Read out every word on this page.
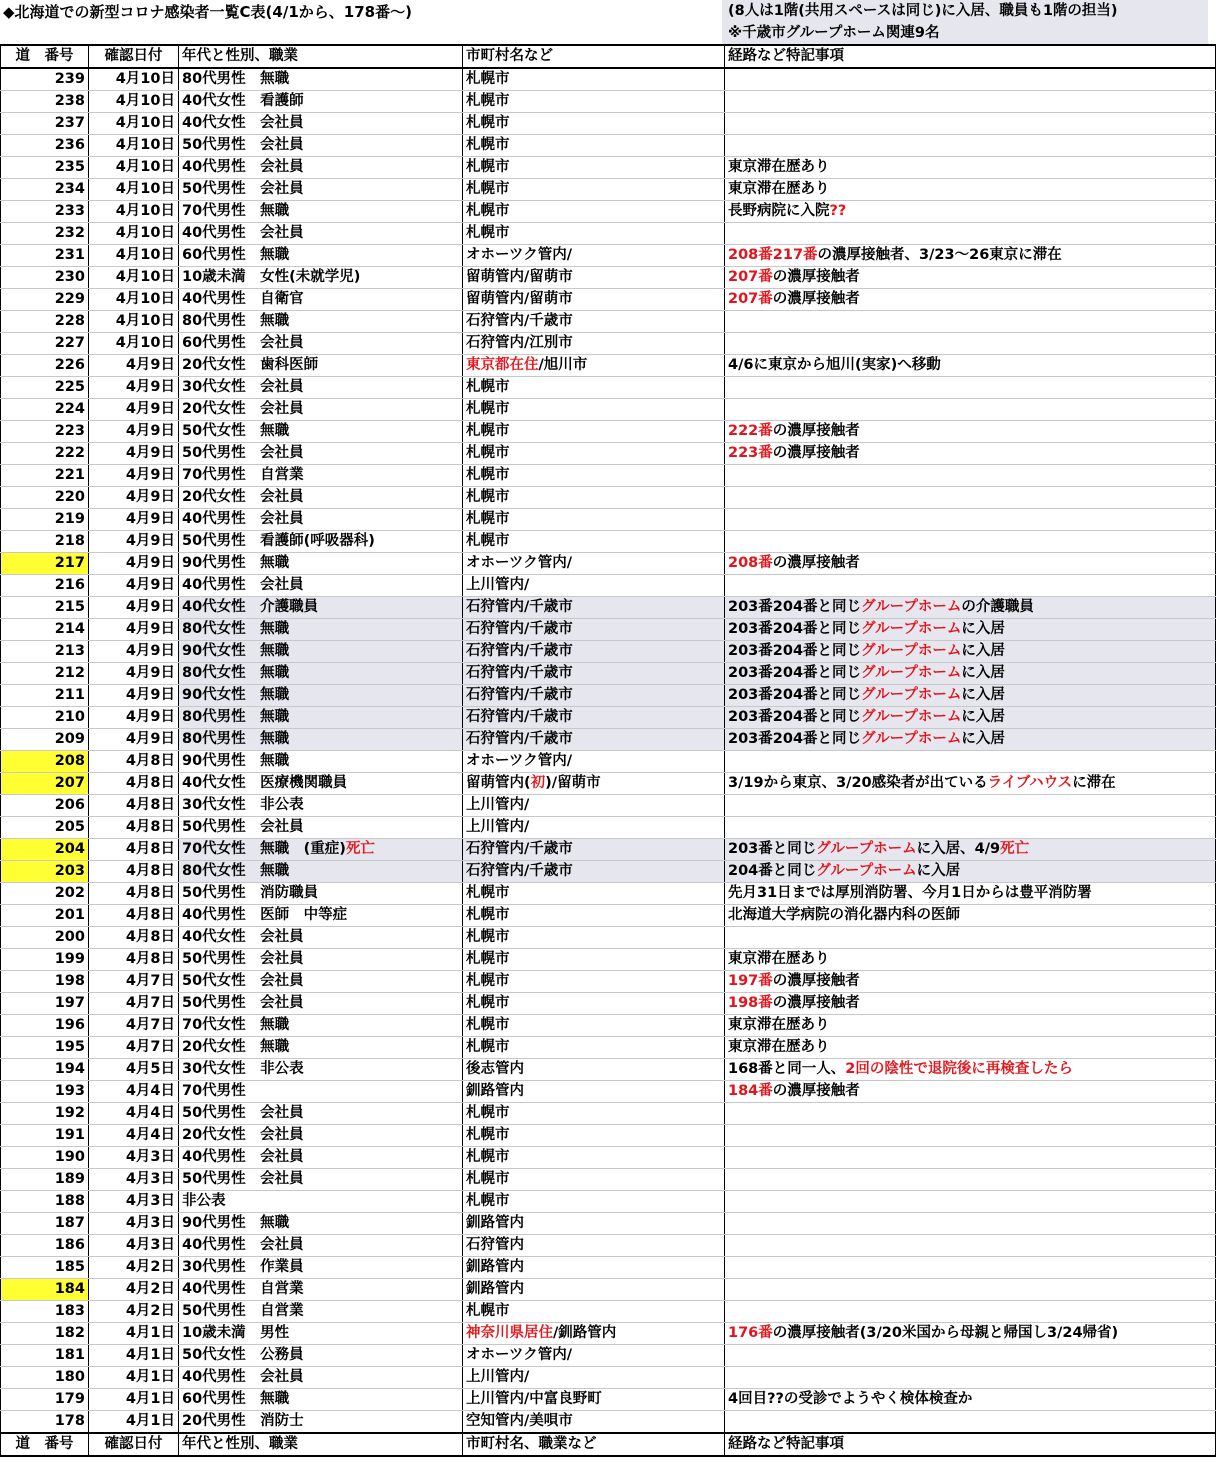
◆北海道での新型コロナ感染者一覧C表(4/1から、178番～)	(8人は1階(共用スペースは同じ)に入居、職員も1階の担当)
※千歳市グループホーム関連9名
道　番号	確認日付	年代と性別、職業	市町村名など	経路など特記事項
239	4月10日	80代男性　無職	札幌市	
238	4月10日	40代女性　看護師	札幌市	
237	4月10日	40代女性　会社員	札幌市	
236	4月10日	50代男性　会社員	札幌市	
235	4月10日	40代男性　会社員	札幌市	東京滞在歴あり
234	4月10日	50代男性　会社員	札幌市	東京滞在歴あり
233	4月10日	70代男性　無職	札幌市	長野病院に入院??
232	4月10日	40代男性　会社員	札幌市	
231	4月10日	60代男性　無職	オホーツク管内/	208番217番の濃厚接触者、3/23～26東京に滞在
230	4月10日	10歳未満　女性(未就学児)	留萌管内/留萌市	207番の濃厚接触者
229	4月10日	40代男性　自衛官	留萌管内/留萌市	207番の濃厚接触者
228	4月10日	80代男性　無職	石狩管内/千歳市	
227	4月10日	60代男性　会社員	石狩管内/江別市	
226	4月9日	20代女性　歯科医師	東京都在住/旭川市	4/6に東京から旭川(実家)へ移動
225	4月9日	30代女性　会社員	札幌市	
224	4月9日	20代女性　会社員	札幌市	
223	4月9日	50代女性　無職	札幌市	222番の濃厚接触者
222	4月9日	50代男性　会社員	札幌市	223番の濃厚接触者
221	4月9日	70代男性　自営業	札幌市	
220	4月9日	20代女性　会社員	札幌市	
219	4月9日	40代男性　会社員	札幌市	
218	4月9日	50代男性　看護師(呼吸器科)	札幌市	
217	4月9日	90代男性　無職	オホーツク管内/	208番の濃厚接触者
216	4月9日	40代男性　会社員	上川管内/	
215	4月9日	40代女性　介護職員	石狩管内/千歳市	203番204番と同じグループホームの介護職員
214	4月9日	80代女性　無職	石狩管内/千歳市	203番204番と同じグループホームに入居
213	4月9日	90代女性　無職	石狩管内/千歳市	203番204番と同じグループホームに入居
212	4月9日	80代女性　無職	石狩管内/千歳市	203番204番と同じグループホームに入居
211	4月9日	90代女性　無職	石狩管内/千歳市	203番204番と同じグループホームに入居
210	4月9日	80代男性　無職	石狩管内/千歳市	203番204番と同じグループホームに入居
209	4月9日	80代男性　無職	石狩管内/千歳市	203番204番と同じグループホームに入居
208	4月8日	90代男性　無職	オホーツク管内/	
207	4月8日	40代女性　医療機関職員	留萌管内(初)/留萌市	3/19から東京、3/20感染者が出ているライブハウスに滞在
206	4月8日	30代女性　非公表	上川管内/	
205	4月8日	50代男性　会社員	上川管内/	
204	4月8日	70代女性　無職　(重症)死亡	石狩管内/千歳市	203番と同じグループホームに入居、4/9死亡
203	4月8日	80代女性　無職	石狩管内/千歳市	204番と同じグループホームに入居
202	4月8日	50代男性　消防職員	札幌市	先月31日までは厚別消防署、今月1日からは豊平消防署
201	4月8日	40代男性　医師　中等症	札幌市	北海道大学病院の消化器内科の医師
200	4月8日	40代女性　会社員	札幌市	
199	4月8日	50代男性　会社員	札幌市	東京滞在歴あり
198	4月7日	50代女性　会社員	札幌市	197番の濃厚接触者
197	4月7日	50代男性　会社員	札幌市	198番の濃厚接触者
196	4月7日	70代女性　無職	札幌市	東京滞在歴あり
195	4月7日	20代女性　無職	札幌市	東京滞在歴あり
194	4月5日	30代女性　非公表	後志管内	168番と同一人、2回の陰性で退院後に再検査したら
193	4月4日	70代男性	釧路管内	184番の濃厚接触者
192	4月4日	50代男性　会社員	札幌市	
191	4月4日	20代女性　会社員	札幌市	
190	4月3日	40代男性　会社員	札幌市	
189	4月3日	50代男性　会社員	札幌市	
188	4月3日	非公表	札幌市	
187	4月3日	90代男性　無職	釧路管内	
186	4月3日	40代男性　会社員	石狩管内	
185	4月2日	30代男性　作業員	釧路管内	
184	4月2日	40代男性　自営業	釧路管内	
183	4月2日	50代男性　自営業	札幌市	
182	4月1日	10歳未満　男性	神奈川県居住/釧路管内	176番の濃厚接触者(3/20米国から母親と帰国し3/24帰省)
181	4月1日	50代女性　公務員	オホーツク管内/	
180	4月1日	40代男性　会社員	上川管内/	
179	4月1日	60代男性　無職	上川管内/中富良野町	4回目??の受診でようやく検体検査か
178	4月1日	20代男性　消防士	空知管内/美唄市	
道　番号	確認日付	年代と性別、職業	市町村名、職業など	経路など特記事項
